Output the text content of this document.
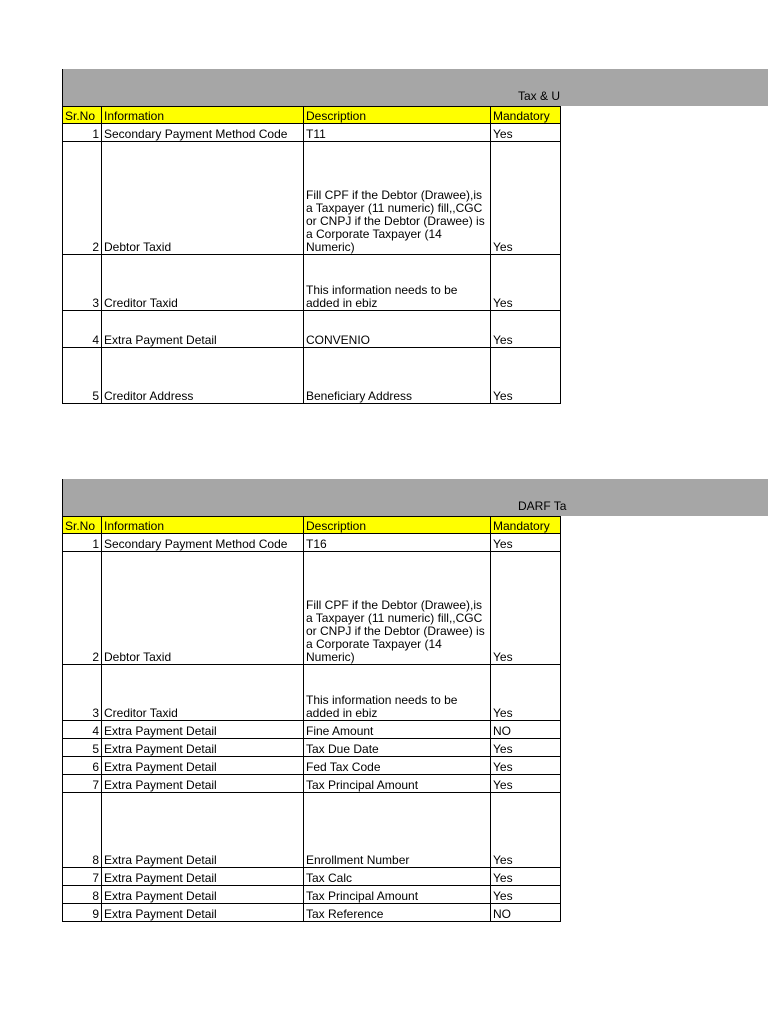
Tax & U
Sr.No	Information	Description	Mandatory
1	Secondary Payment Method Code	T11	Yes
2	Debtor Taxid	Fill CPF if the Debtor (Drawee),is a Taxpayer (11 numeric) fill,,CGC or CNPJ if the Debtor (Drawee) is a Corporate Taxpayer (14 Numeric)	Yes
3	Creditor Taxid	This information needs to be added in ebiz	Yes
4	Extra Payment Detail	CONVENIO	Yes
5	Creditor Address	Beneficiary Address	Yes
DARF Ta
Sr.No	Information	Description	Mandatory
1	Secondary Payment Method Code	T16	Yes
2	Debtor Taxid	Fill CPF if the Debtor (Drawee),is a Taxpayer (11 numeric) fill,,CGC or CNPJ if the Debtor (Drawee) is a Corporate Taxpayer (14 Numeric)	Yes
3	Creditor Taxid	This information needs to be added in ebiz	Yes
4	Extra Payment Detail	Fine Amount	NO
5	Extra Payment Detail	Tax Due Date	Yes
6	Extra Payment Detail	Fed Tax Code	Yes
7	Extra Payment Detail	Tax Principal Amount	Yes
8	Extra Payment Detail	Enrollment Number	Yes
7	Extra Payment Detail	Tax Calc	Yes
8	Extra Payment Detail	Tax Principal Amount	Yes
9	Extra Payment Detail	Tax Reference	NO
